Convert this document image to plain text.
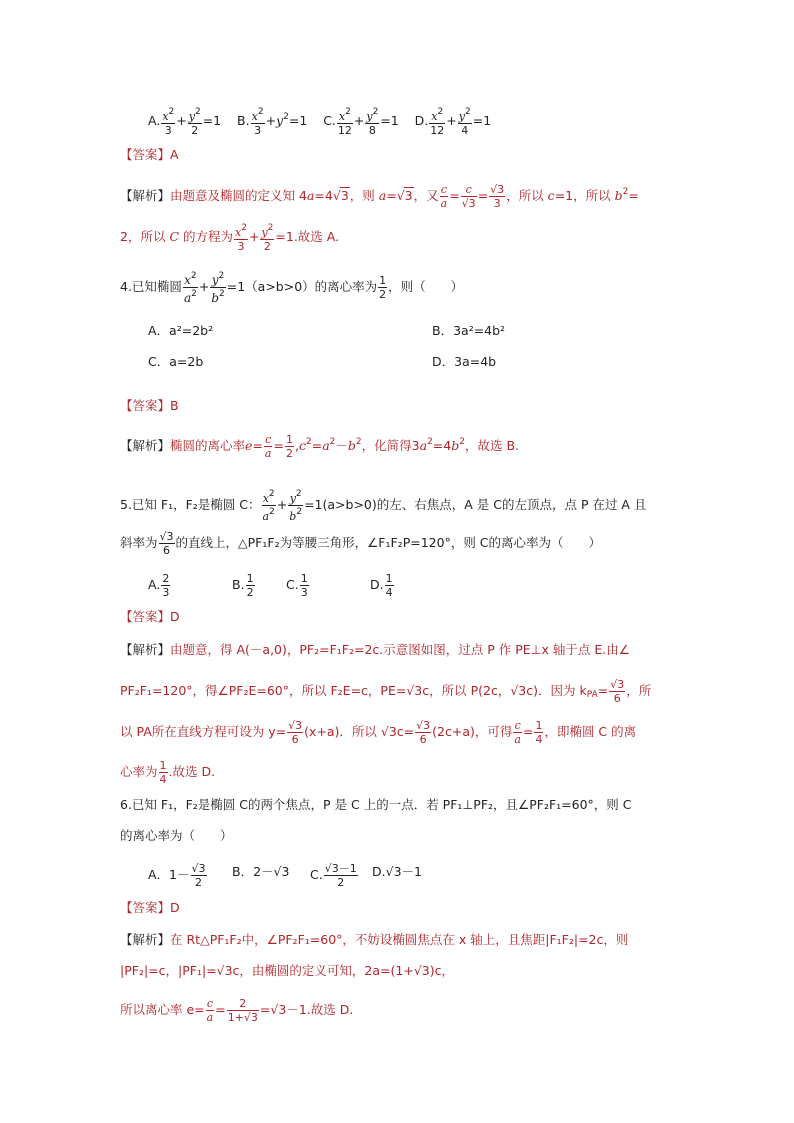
A. $\frac{x^2}{3} + \frac{y^2}{2} =1$ B. $\frac{x^2}{3} +y^2=1$ C. $\frac{x^2}{12} + \frac{y^2}{8} =1$ D. $\frac{x^2}{12} + \frac{y^2}{4} =1$
【答案】A
【解析】由题意及椭圆的定义知 4a=4√3，则 a=√3，又 $\frac{c}{a} = \frac{c}{√3} = \frac{√3}{3}$ ，所以 c=1，所以 $b^2=$
2，所以 C 的方程为 $\frac{x^2}{3} + \frac{y^2}{2} =1$.故选 A.
4.已知椭圆 $\frac{x^2}{a^2} + \frac{y^2}{b^2} =1(a>b>0)$的离心率为 $\frac{1}{2}$ ，则（　　）
A．a²=2b²	B．3a²=4b²
C．a=2b	D．3a=4b
【答案】B
【解析】椭圆的离心率$e= \frac{c}{a} = \frac{1}{2} ,c^2=a^2-b^2$，化简得$3a^2=4b^2$，故选 B.
5.已知 F₁，F₂是椭圆 C： $\frac{x^2}{a^2} + \frac{y^2}{b^2} =1(a>b>0)$的左、右焦点，A 是 C的左顶点，点 P 在过 A 且
斜率为 $\frac{√3}{6}$ 的直线上，△PF₁F₂为等腰三角形，∠F₁F₂P=120°，则 C的离心率为（　　）
A. $\frac{2}{3}$	B. $\frac{1}{2}$	C. $\frac{1}{3}$	D. $\frac{1}{4}$
【答案】D
【解析】由题意，得 A(－a,0)，PF₂=F₁F₂=2c.示意图如图，过点 P 作 PE⊥x 轴于点 E.由∠
PF₂F₁=120°，得∠PF₂E=60°，所以 F₂E=c，PE=√3c，所以 P(2c，√3c)．因为 $k_{PA}= \frac{√3}{6}$ ，所
以 PA所在直线方程可设为 $y= \frac{√3}{6} (x+a)$．所以 $√3c= \frac{√3}{6} (2c+a)$，可得 $\frac{c}{a} = \frac{1}{4}$ ，即椭圆 C 的离
心率为 $\frac{1}{4}$ .故选 D.
6.已知 F₁，F₂是椭圆 C的两个焦点，P 是 C 上的一点．若 PF₁⊥PF₂，且∠PF₂F₁=60°，则 C
的离心率为（　　）
A．$1- \frac{√3}{2}$ B．2－√3 C. $\frac{√3-1}{2} D.√3-1$
【答案】D
【解析】在 Rt△PF₁F₂中，∠PF₂F₁=60°，不妨设椭圆焦点在 x 轴上，且焦距|F₁F₂|=2c，则
|PF₂|=c，|PF₁|=√3c，由椭圆的定义可知，2a=(1+√3)c，
所以离心率 $e= \frac{c}{a} = \frac{2}{1+√3} =√3-1$.故选 D.
